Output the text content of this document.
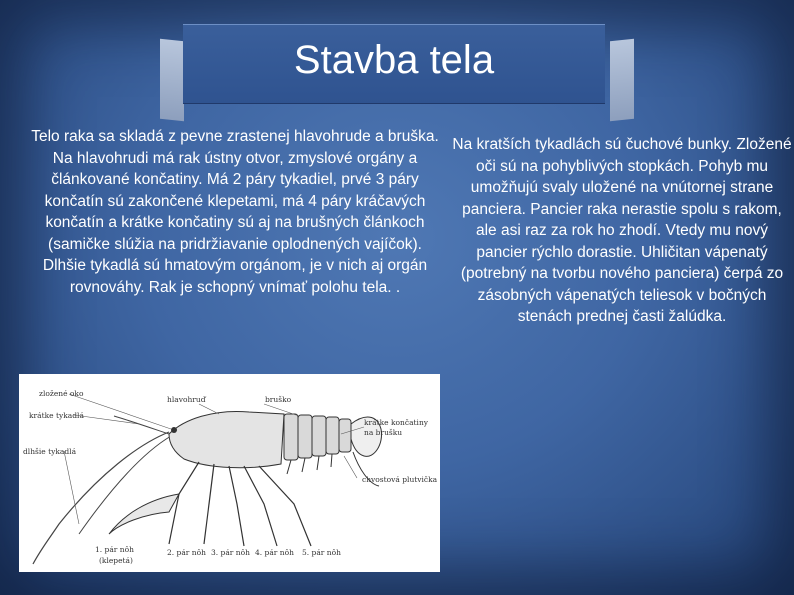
Stavba tela

Telo raka sa skladá z pevne zrastenej hlavohrude a bruška. Na hlavohrudi má rak ústny otvor, zmyslové orgány a článkované končatiny. Má 2 páry tykadiel, prvé 3 páry končatín sú zakončené klepetami, má 4 páry kráčavých končatín a krátke končatiny sú aj na brušných článkoch (samičke slúžia na pridržiavanie oplodnených vajíčok). Dlhšie tykadlá sú hmatovým orgánom, je v nich aj orgán rovnováhy. Rak je schopný vnímať polohu tela. .

Na kratších tykadlách sú čuchové bunky. Zložené oči sú na pohyblivých stopkách. Pohyb mu umožňujú svaly uložené na vnútornej strane panciera. Pancier raka nerastie spolu s rakom, ale asi raz za rok ho zhodí. Vtedy mu nový pancier rýchlo dorastie. Uhličitan vápenatý (potrebný na tvorbu nového panciera) čerpá zo zásobných vápenatých teliesok v bočných stenách prednej časti žalúdka.

zložené oko
krátke tykadlá
dlhšie tykadlá
hlavohruď	bruško
krátke končatiny
na brušku
chvostová plutvička
1. pár nôh
(klepetá)
2. pár nôh 3. pár nôh 4. pár nôh 5. pár nôh
